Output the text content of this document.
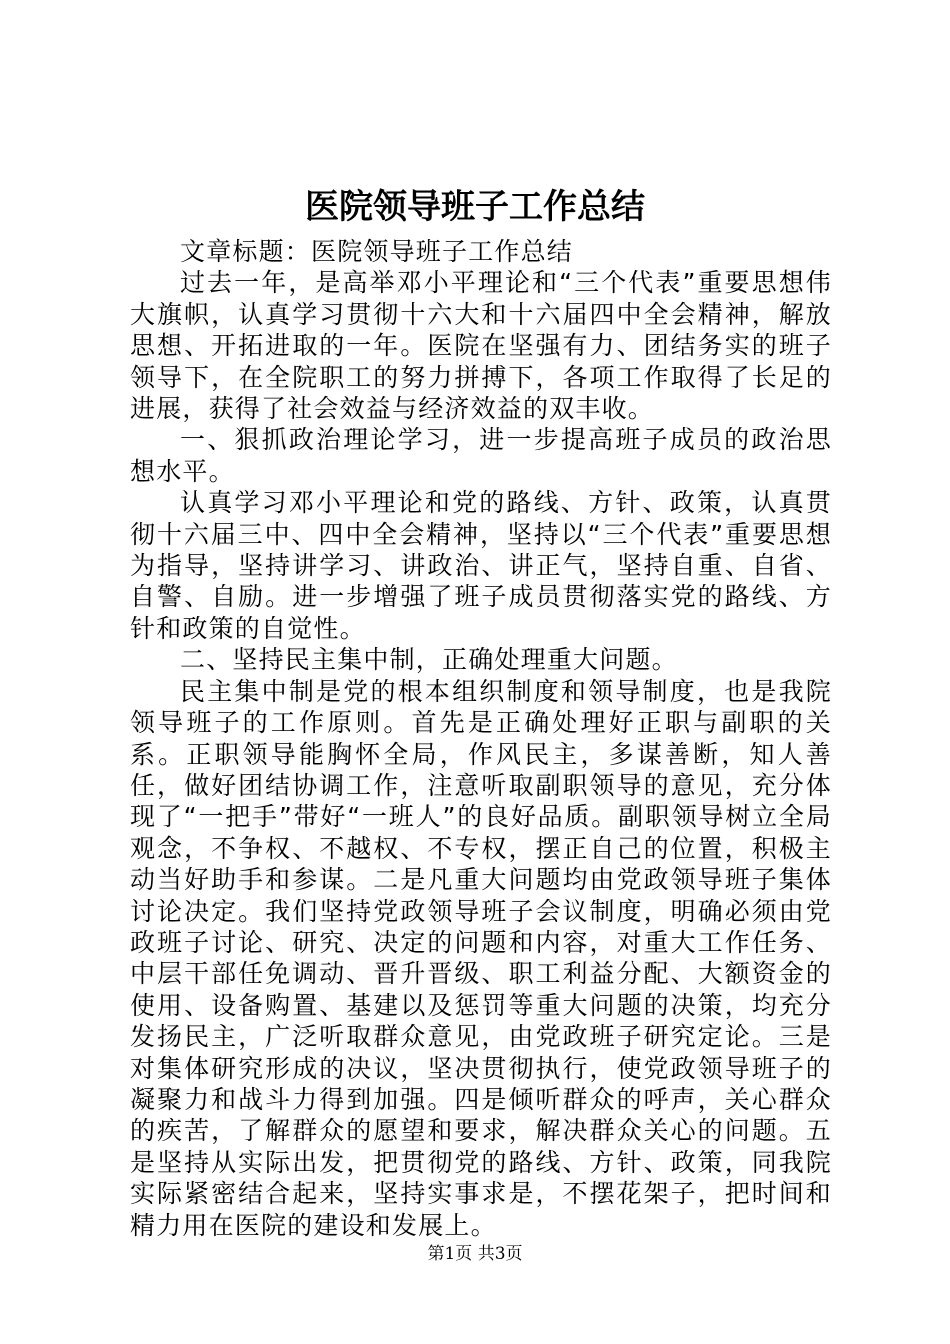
医院领导班子工作总结

文章标题：医院领导班子工作总结

过去一年，是高举邓小平理论和“三个代表”重要思想伟大旗帜，认真学习贯彻十六大和十六届四中全会精神，解放思想、开拓进取的一年。医院在坚强有力、团结务实的班子领导下，在全院职工的努力拼搏下，各项工作取得了长足的进展，获得了社会效益与经济效益的双丰收。

一、狠抓政治理论学习，进一步提高班子成员的政治思想水平。

认真学习邓小平理论和党的路线、方针、政策，认真贯彻十六届三中、四中全会精神，坚持以“三个代表”重要思想为指导，坚持讲学习、讲政治、讲正气，坚持自重、自省、自警、自励。进一步增强了班子成员贯彻落实党的路线、方针和政策的自觉性。

二、坚持民主集中制，正确处理重大问题。

民主集中制是党的根本组织制度和领导制度，也是我院领导班子的工作原则。首先是正确处理好正职与副职的关系。正职领导能胸怀全局，作风民主，多谋善断，知人善任，做好团结协调工作，注意听取副职领导的意见，充分体现了“一把手”带好“一班人”的良好品质。副职领导树立全局观念，不争权、不越权、不专权，摆正自己的位置，积极主动当好助手和参谋。二是凡重大问题均由党政领导班子集体讨论决定。我们坚持党政领导班子会议制度，明确必须由党政班子讨论、研究、决定的问题和内容，对重大工作任务、中层干部任免调动、晋升晋级、职工利益分配、大额资金的使用、设备购置、基建以及惩罚等重大问题的决策，均充分发扬民主，广泛听取群众意见，由党政班子研究定论。三是对集体研究形成的决议，坚决贯彻执行，使党政领导班子的凝聚力和战斗力得到加强。四是倾听群众的呼声，关心群众的疾苦，了解群众的愿望和要求，解决群众关心的问题。五是坚持从实际出发，把贯彻党的路线、方针、政策，同我院实际紧密结合起来，坚持实事求是，不摆花架子，把时间和精力用在医院的建设和发展上。

第1页 共3页
